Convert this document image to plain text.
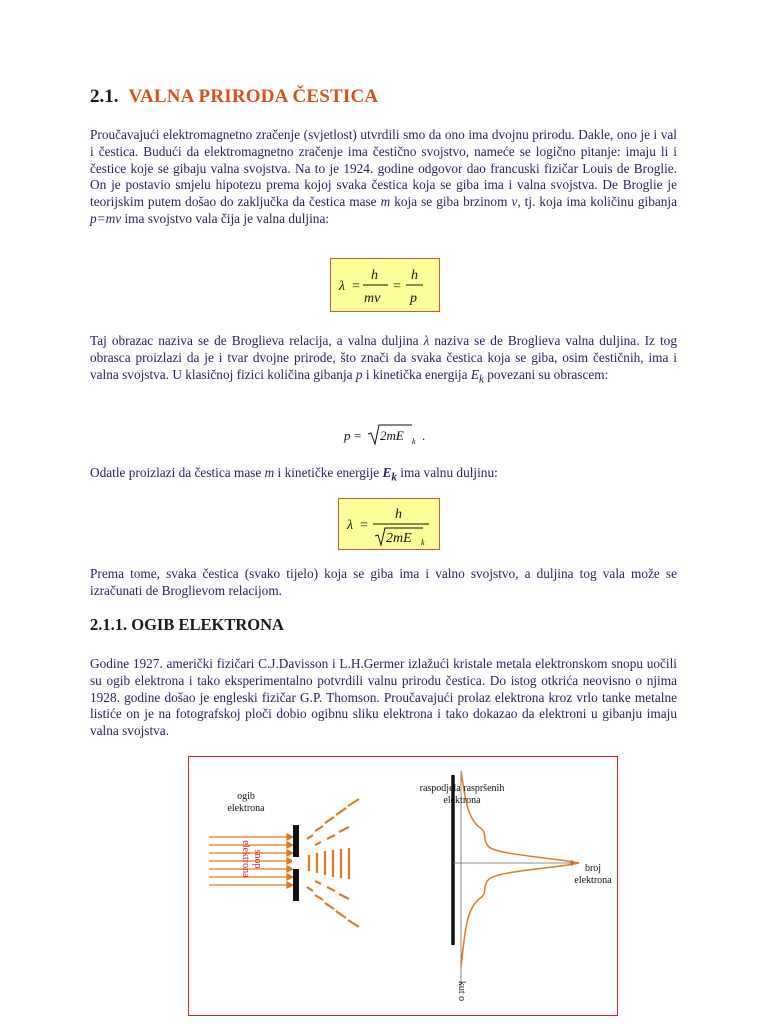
2.1. VALNA PRIRODA ČESTICA

Proučavajući elektromagnetno zračenje (svjetlost) utvrdili smo da ono ima dvojnu prirodu. Dakle, ono je i val i čestica. Budući da elektromagnetno zračenje ima čestično svojstvo, nameće se logično pitanje: imaju li i čestice koje se gibaju valna svojstva. Na to je 1924. godine odgovor dao francuski fizičar Louis de Broglie. On je postavio smjelu hipotezu prema kojoj svaka čestica koja se giba ima i valna svojstva. De Broglie je teorijskim putem došao do zaključka da čestica mase m koja se giba brzinom v, tj. koja ima količinu gibanja p=mv ima svojstvo vala čija je valna duljina:

λ =
h
mv
=
h
p

Taj obrazac naziva se de Broglieva relacija, a valna duljina λ naziva se de Broglieva valna duljina. Iz tog obrasca proizlazi da je i tvar dvojne prirode, što znači da svaka čestica koja se giba, osim čestičnih, ima i valna svojstva. U klasičnoj fizici količina gibanja p i kinetička energija $E_k$ povezani su obrascem:

p = 2mE k .

Odatle proizlazi da čestica mase m i kinetičke energije $E_k$ ima valnu duljinu:

λ =
h
2mE k

Prema tome, svaka čestica (svako tijelo) koja se giba ima i valno svojstvo, a duljina tog vala može se izračunati de Broglievom relacijom.

2.1.1. OGIB ELEKTRONA

Godine 1927. američki fizičari C.J.Davisson i L.H.Germer izlažući kristale metala elektronskom snopu uočili su ogib elektrona i tako eksperimentalno potvrdili valnu prirodu čestica. Do istog otkrića neovisno o njima 1928. godine došao je engleski fizičar G.P. Thomson. Proučavajući prolaz elektrona kroz vrlo tanke metalne listiće on je na fotografskoj ploči dobio ogibnu sliku elektrona i tako dokazao da elektroni u gibanju imaju valna svojstva.

ogib
elektrona
raspodjela raspršenih
elektrona
broj
elektrona
snop
elektrona
kut o
